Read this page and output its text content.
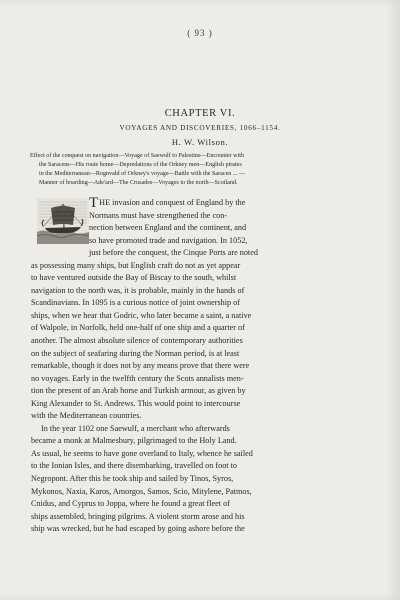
( 93 )
CHAPTER VI.
VOYAGES AND DISCOVERIES, 1066–1154.
H. W. Wilson.
Effect of the conquest on navigation—Voyage of Saewulf to Palestine—Encounter with
the Saracens—His route home—Depredations of the Orkney men—English pirates
in the Mediterranean—Rognvald of Orkney's voyage—Battle with the Saracen ... —
Manner of boarding—Ade'ard—The Crusades—Voyages to the north—Scotland.
THE invasion and conquest of England by the
Normans must have strengthened the con-
nection between England and the continent, and
so have promoted trade and navigation. In 1052,
just before the conquest, the Cinque Ports are noted
as possessing many ships, but English craft do not as yet appear
to have ventured outside the Bay of Biscay to the south, whilst
navigation to the north was, it is probable, mainly in the hands of
Scandinavians. In 1095 is a curious notice of joint ownership of
ships, when we hear that Godric, who later became a saint, a native
of Walpole, in Norfolk, held one-half of one ship and a quarter of
another. The almost absolute silence of contemporary authorities
on the subject of seafaring during the Norman period, is at least
remarkable, though it does not by any means prove that there were
no voyages. Early in the twelfth century the Scots annalists men-
tion the present of an Arab horse and Turkish armour, as given by
King Alexander to St. Andrews. This would point to intercourse
with the Mediterranean countries.
In the year 1102 one Saewulf, a merchant who afterwards
became a monk at Malmesbury, pilgrimaged to the Holy Land.
As usual, he seems to have gone overland to Italy, whence he sailed
to the Ionian Isles, and there disembarking, travelled on foot to
Negropont. After this he took ship and sailed by Tinos, Syros,
Mykonos, Naxia, Karos, Amorgos, Samos, Scio, Mitylene, Patmos,
Cnidus, and Cyprus to Joppa, where he found a great fleet of
ships assembled, bringing pilgrims. A violent storm arose and his
ship was wrecked, but he had escaped by going ashore before the
